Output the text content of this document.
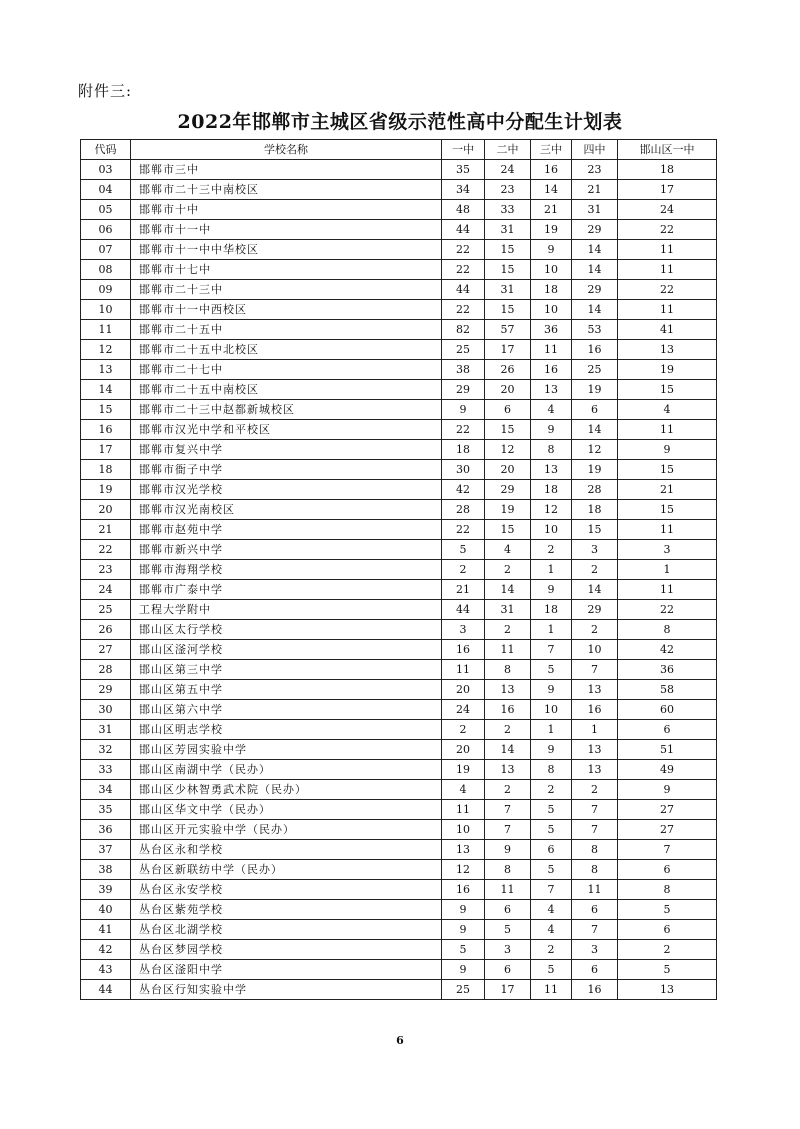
附件三:
2022年邯郸市主城区省级示范性高中分配生计划表
代码	学校名称	一中	二中	三中	四中	邯山区一中
03	邯郸市三中	35	24	16	23	18
04	邯郸市二十三中南校区	34	23	14	21	17
05	邯郸市十中	48	33	21	31	24
06	邯郸市十一中	44	31	19	29	22
07	邯郸市十一中中华校区	22	15	9	14	11
08	邯郸市十七中	22	15	10	14	11
09	邯郸市二十三中	44	31	18	29	22
10	邯郸市十一中西校区	22	15	10	14	11
11	邯郸市二十五中	82	57	36	53	41
12	邯郸市二十五中北校区	25	17	11	16	13
13	邯郸市二十七中	38	26	16	25	19
14	邯郸市二十五中南校区	29	20	13	19	15
15	邯郸市二十三中赵都新城校区	9	6	4	6	4
16	邯郸市汉光中学和平校区	22	15	9	14	11
17	邯郸市复兴中学	18	12	8	12	9
18	邯郸市衙子中学	30	20	13	19	15
19	邯郸市汉光学校	42	29	18	28	21
20	邯郸市汉光南校区	28	19	12	18	15
21	邯郸市赵苑中学	22	15	10	15	11
22	邯郸市新兴中学	5	4	2	3	3
23	邯郸市海翔学校	2	2	1	2	1
24	邯郸市广泰中学	21	14	9	14	11
25	工程大学附中	44	31	18	29	22
26	邯山区太行学校	3	2	1	2	8
27	邯山区滏河学校	16	11	7	10	42
28	邯山区第三中学	11	8	5	7	36
29	邯山区第五中学	20	13	9	13	58
30	邯山区第六中学	24	16	10	16	60
31	邯山区明志学校	2	2	1	1	6
32	邯山区芳园实验中学	20	14	9	13	51
33	邯山区南湖中学（民办）	19	13	8	13	49
34	邯山区少林智勇武术院（民办）	4	2	2	2	9
35	邯山区华文中学（民办）	11	7	5	7	27
36	邯山区开元实验中学（民办）	10	7	5	7	27
37	丛台区永和学校	13	9	6	8	7
38	丛台区新联纺中学（民办）	12	8	5	8	6
39	丛台区永安学校	16	11	7	11	8
40	丛台区紫苑学校	9	6	4	6	5
41	丛台区北湖学校	9	5	4	7	6
42	丛台区梦园学校	5	3	2	3	2
43	丛台区滏阳中学	9	6	5	6	5
44	丛台区行知实验中学	25	17	11	16	13
6
